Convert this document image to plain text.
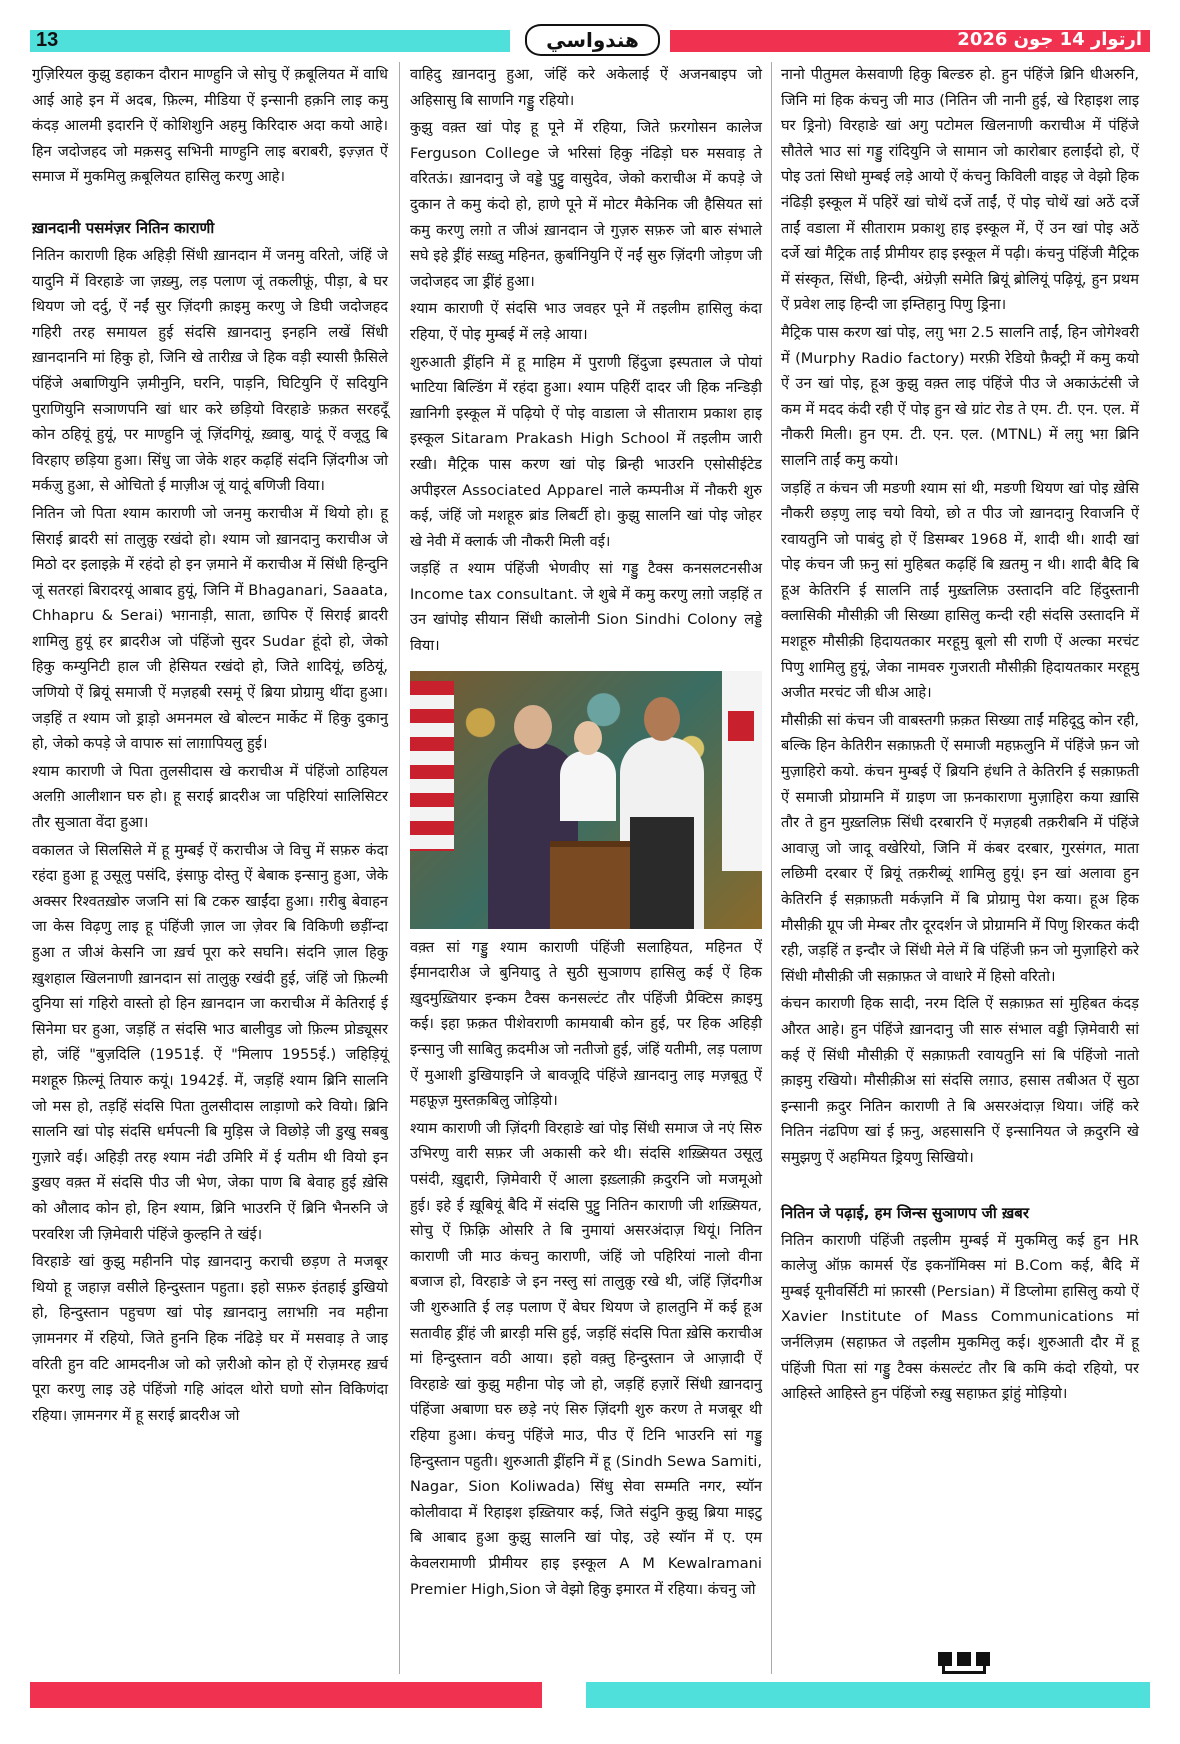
13	هندواسي	آرتوار 14 جون 2026

गुज़िरियल कुझु डहाकन दौरान माण्हुनि जे सोचु ऐं क़बूलियत में वाधि आई आहे इन में अदब, फ़िल्म, मीडिया ऐं इन्सानी हक़नि लाइ कमु कंदड़ आलमी इदारनि ऐं कोशिशुनि अहमु किरिदारु अदा कयो आहे। हिन जदोजहद जो मक़सदु सभिनी माण्हुनि लाइ बराबरी, इज़्ज़त ऐं समाज में मुकमिलु क़बूलियत हासिलु करणु आहे।

ख़ानदानी पसमंज़र नितिन काराणी

नितिन काराणी हिक अहिड़ी सिंधी ख़ानदान में जनमु वरितो, जंहिं जे यादुनि में विरहाङे जा ज़ख़्मु, लड़ पलाण जूं तकलीफ़ूं, पीड़ा, बे घर थियण जो दर्दु, ऐं नईं सुर ज़िंदगी क़ाइमु करणु जे डिघी जदोजहद गहिरी तरह समायल हुई संदसि ख़ानदानु इनहनि लखें सिंधी ख़ानदाननि मां हिकु हो, जिनि खे तारीख़ जे हिक वड़ी स्यासी फ़ैसिले पंहिंजे अबाणियुनि ज़मीनुनि, घरनि, पाड़नि, घिटियुनि ऐं सदियुनि पुराणियुनि सञाणपनि खां धार करे छड़ियो विरहाङे फ़क़त सरहदूँ कोन ठहियूं हुयूं, पर माण्हुनि जूं ज़िंदगियूं, ख़्वाबु, यादूं ऐं वजूदु बि विरहाए छड़िया हुआ। सिंधु जा जेके शहर कढ़हिं संदनि ज़िंदगीअ जो मर्कज़ु हुआ, से ओचितो ई माज़ीअ जूं यादूं बणिजी विया।

नितिन जो पिता श्याम काराणी जो जनमु कराचीअ में थियो हो। हू सिराई ब्रादरी सां तालुक़ु रखंदो हो। श्याम जो ख़ानदानु कराचीअ जे मिठो दर इलाइक़े में रहंदो हो इन ज़माने में कराचीअ में सिंधी हिन्दुनि जूं सतरहां बिरादरयूं आबाद हुयूं, जिनि में Bhaganari, Saaata, Chhapru & Serai) भग़नाड़ी, साता, छापिरु ऐं सिराई ब्रादरी शामिलु हुयूं हर ब्रादरीअ जो पंहिंजो सुदर Sudar हूंदो हो, जेको हिकु कम्युनिटी हाल जी हेसियत रखंदो हो, जिते शादियूं, छठियूं, जणियो ऐं ब्रियूं समाजी ऐं मज़हबी रसमूं ऐं ब्रिया प्रोग्रामु थींदा हुआ। जड़हिं त श्याम जो ड्राड़ो अमनमल खे बोल्टन मार्केट में हिकु दुकानु हो, जेको कपड़े जे वापारु सां लाग़ापियलु हुई।

श्याम काराणी जे पिता तुलसीदास खे कराचीअ में पंहिंजो ठाहियल अलग़ि आलीशान घरु हो। हू सराई ब्रादरीअ जा पहिरियां सालिसिटर तौर सुञाता वेंदा हुआ।

वकालत जे सिलसिले में हू मुम्बई ऐं कराचीअ जे विचु में सफ़रु कंदा रहंदा हुआ हू उसूलु पसंदि, इंसाफ़ु दोस्तु ऐं बेबाक इन्सानु हुआ, जेके अक्सर रिश्वतख़ोरु जजनि सां बि टकरु खाईंदा हुआ। ग़रीबु बेवाहन जा केस विढ़णु लाइ हू पंहिंजी ज़ाल जा ज़ेवर बि विकिणी छड़ींन्दा हुआ त जीअं केसनि जा ख़र्च पूरा करे सघनि। संदनि ज़ाल हिकु ख़ुशहाल खिलनाणी ख़ानदान सां तालुक़ु रखंदी हुई, जंहिं जो फ़िल्मी दुनिया सां गहिरो वास्तो हो हिन ख़ानदान जा कराचीअ में केतिराई ई सिनेमा घर हुआ, जड़हिं त संदसि भाउ बालीवुड जो फ़िल्म प्रोड्यूसर हो, जंहिं "बुज़दिलि (1951ई. ऐं "मिलाप 1955ई.) जहिड़ियूं मशहूरु फ़िल्मूं तियारु कयूं। 1942ई. में, जड़हिं श्याम ब्रिनि सालनि जो मस हो, तड़हिं संदसि पिता तुलसीदास लाड़ाणो करे वियो। ब्रिनि सालनि खां पोइ संदसि धर्मपत्नी बि मुड़िस जे विछोड़े जी डुखु सबबु गुज़ारे वई। अहिड़ी तरह श्याम नंढी उमिरि में ई यतीम थी वियो इन डुखए वक़्त में संदसि पीउ जी भेण, जेका पाण बि बेवाह हुई ख़ेसि को औलाद कोन हो, हिन श्याम, ब्रिनि भाउरनि ऐं ब्रिनि भैनरुनि जे परवरिश जी ज़िमेवारी पंहिंजे कुल्हनि ते खंई।

विरहाङे खां कुझु महीननि पोइ ख़ानदानु कराची छड़ण ते मजबूर थियो हू जहाज़ वसीले हिन्दुस्तान पहुता। इहो सफ़रु इंतहाई डुखियो हो, हिन्दुस्तान पहुचण खां पोइ ख़ानदानु लग़भग़ि नव महीना ज़ामनगर में रहियो, जिते हुननि हिक नंढिड़े घर में मसवाड़ ते जाइ वरिती हुन वटि आमदनीअ जो को ज़रीओ कोन हो ऐं रोज़मरह ख़र्च पूरा करणु लाइ उहे पंहिंजो गहि आंदल थोरो घणो सोन विकिणंदा रहिया। ज़ामनगर में हू सराई ब्रादरीअ जो

वाहिदु ख़ानदानु हुआ, जंहिं करे अकेलाई ऐं अजनबाइप जो अहिसासु बि साणनि गड्डु रहियो।

कुझु वक़्त खां पोइ हू पूने में रहिया, जिते फ़रगोसन कालेज Ferguson College जे भरिसां हिकु नंढिड़ो घरु मसवाड़ ते वरितऊं। ख़ानदानु जे वड्डे पुट्टु वासुदेव, जेको कराचीअ में कपड़े जे दुकान ते कमु कंदो हो, हाणे पूने में मोटर मैकेनिक जी हैसियत सां कमु करणु लग़ो त जीअं ख़ानदान जे गुज़रु सफ़रु जो बारु संभाले सघे इहे ड्रींहं सख़्तु महिनत, क़ुर्बानियुनि ऐं नईं सुरु ज़िंदगी जोड़ण जी जदोजहद जा ड्रींहं हुआ।

श्याम काराणी ऐं संदसि भाउ जवहर पूने में तइलीम हासिलु कंदा रहिया, ऐं पोइ मुम्बई में लड़े आया।

शुरुआती ड्रींहनि में हू माहिम में पुराणी हिंदुजा इस्पताल जे पोयां भाटिया बिल्डिंग में रहंदा हुआ। श्याम पहिरीं दादर जी हिक नन्डिड़ी ख़ानिगी इस्कूल में पढ़ियो ऐं पोइ वाडाला जे सीताराम प्रकाश हाइ इस्कूल Sitaram Prakash High School में तइलीम जारी रखी। मैट्रिक पास करण खां पोइ ब्रिन्ही भाउरनि एसोसीईटेड अपीइरल Associated Apparel नाले कम्पनीअ में नौकरी शुरु कई, जंहिं जो मशहूरु ब्रांड लिबर्टी हो। कुझु सालनि खां पोइ जोहर खे नेवी में क्लार्क जी नौकरी मिली वई।

जड़हिं त श्याम पंहिंजी भेणवीए सां गड्डु टैक्स कनसलटनसीअ Income tax consultant. जे शुबे में कमु करणु लग़ो जड़हिं त उन खांपोइ सीयान सिंधी कालोनी Sion Sindhi Colony लड्डे विया।

वक़्त सां गड्डु श्याम काराणी पंहिंजी सलाहियत, महिनत ऐं ईमानदारीअ जे बुनियादु ते सुठी सुञाणप हासिलु कई ऐं हिक ख़ुदमुख़्तियार इन्कम टैक्स कनसल्टंट तौर पंहिंजी प्रैक्टिस क़ाइमु कई। इहा फ़क़त पीशेवराणी कामयाबी कोन हुई, पर हिक अहिड़ी इन्सानु जी साबितु क़दमीअ जो नतीजो हुई, जंहिं यतीमी, लड़ पलाण ऐं मुआशी डुखियाइनि जे बावजूदि पंहिंजे ख़ानदानु लाइ मज़बूतु ऐं महफ़ूज़ मुस्तक़बिलु जोड़ियो।

श्याम काराणी जी ज़िंदगी विरहाङे खां पोइ सिंधी समाज जे नएं सिरु उभिरणु वारी सफ़र जी अकासी करे थी। संदसि शख़्सियत उसूलु पसंदी, ख़ुद्दारी, ज़िमेवारी ऐं आला इख़्लाक़ी क़दुरनि जो मजमूओ हुई। इहे ई ख़ूबियूं बैदि में संदसि पुट्टु नितिन काराणी जी शख़्सियत, सोचु ऐं फ़िक़्रि ओसरि ते बि नुमायां असरअंदाज़ थियूं। नितिन काराणी जी माउ कंचनु काराणी, जंहिं जो पहिरियां नालो वीना बजाज हो, विरहाङे जे इन नस्लु सां तालुक़ु रखे थी, जंहिं ज़िंदगीअ जी शुरुआति ई लड़ पलाण ऐं बेघर थियण जे हालतुनि में कई हूअ सतावीह ड्रींहं जी ब्रारड़ी मसि हुई, जड़हिं संदसि पिता ख़ेसि कराचीअ मां हिन्दुस्तान वठी आया। इहो वक़्तु हिन्दुस्तान जे आज़ादी ऐं विरहाङे खां कुझु महीना पोइ जो हो, जड़हिं हज़ारें सिंधी ख़ानदानु पंहिंजा अबाणा घरु छड़े नएं सिरु ज़िंदगी शुरु करण ते मजबूर थी रहिया हुआ। कंचनु पंहिंजे माउ, पीउ ऐं टिनि भाउरनि सां गड्डु हिन्दुस्तान पहुती। शुरुआती ड्रींहनि में हू (Sindh Sewa Samiti, Nagar, Sion Koliwada) सिंधु सेवा सम्मति नगर, स्यॉन कोलीवादा में रिहाइश इख़्तियार कई, जिते संदुनि कुझु ब्रिया माइटु बि आबाद हुआ कुझु सालनि खां पोइ, उहे स्यॉन में ए. एम केवलरामाणी प्रीमीयर हाइ इस्कूल A M Kewalramani Premier High,Sion जे वेझो हिकु इमारत में रहिया। कंचनु जो

नानो पीतुमल केसवाणी हिकु बिल्डरु हो. हुन पंहिंजे ब्रिनि धीअरुनि, जिनि मां हिक कंचनु जी माउ (नितिन जी नानी हुई, खे रिहाइश लाइ घर ड्रिनो) विरहाङे खां अगु पटोमल खिलनाणी कराचीअ में पंहिंजे सौतेले भाउ सां गड्डु रांदियुनि जे सामान जो कारोबार हलाईंदो हो, ऐं पोइ उतां सिधो मुम्बई लड़े आयो ऐं कंचनु किविली वाइह जे वेझो हिक नंढिड़ी इस्कूल में पहिरें खां चोथें दर्जे ताईं, ऐं पोइ चोथें खां अठें दर्जे ताईं वडाला में सीताराम प्रकाशु हाइ इस्कूल में, ऐं उन खां पोइ अठें दर्जे खां मैट्रिक ताईं प्रीमीयर हाइ इस्कूल में पढ़ी। कंचनु पंहिंजी मैट्रिक में संस्कृत, सिंधी, हिन्दी, अंग्रेज़ी समेति ब्रियूं ब्रोलियूं पढ़ियूं, हुन प्रथम ऐं प्रवेश लाइ हिन्दी जा इम्तिहानु पिणु ड्रिना।

मैट्रिक पास करण खां पोइ, लग़ु भग़ 2.5 सालनि ताईं, हिन जोगेश्वरी में (Murphy Radio factory) मरफ़ी रेडियो फ़ैक्ट्री में कमु कयो ऐं उन खां पोइ, हूअ कुझु वक़्त लाइ पंहिंजे पीउ जे अकाऊंटंसी जे कम में मदद कंदी रही ऐं पोइ हुन खे ग्रांट रोड ते एम. टी. एन. एल. में नौकरी मिली। हुन एम. टी. एन. एल. (MTNL) में लग़ु भग़ ब्रिनि सालनि ताईं कमु कयो।

जड़हिं त कंचन जी मङणी श्याम सां थी, मङणी थियण खां पोइ ख़ेसि नौकरी छड़णु लाइ चयो वियो, छो त पीउ जो ख़ानदानु रिवाजनि ऐं रवायतुनि जो पाबंदु हो ऐं डिसम्बर 1968 में, शादी थी। शादी खां पोइ कंचन जी फ़नु सां मुहिबत कढ़हिं बि ख़तमु न थी। शादी बैदि बि हूअ केतिरनि ई सालनि ताईं मुख़्तलिफ़ उस्तादनि वटि हिंदुस्तानी क्लासिकी मौसीक़ी जी सिख्या हासिलु कन्दी रही संदसि उस्तादनि में मशहूरु मौसीक़ी हिदायतकार मरहूमु बूलो सी राणी ऐं अल्का मरचंट पिणु शामिलु हुयूं, जेका नामवरु गुजराती मौसीक़ी हिदायतकार मरहूमु अजीत मरचंट जी धीअ आहे।

मौसीक़ी सां कंचन जी वाबस्तगी फ़क़त सिख्या ताईं महिदूदु कोन रही, बल्कि हिन केतिरीन सक़ाफ़ती ऐं समाजी महफ़लुनि में पंहिंजे फ़न जो मुज़ाहिरो कयो. कंचन मुम्बई ऐं ब्रियनि हंधनि ते केतिरनि ई सक़ाफ़ती ऐं समाजी प्रोग्रामनि में ग्राइण जा फ़नकाराणा मुज़ाहिरा कया ख़ासि तौर ते हुन मुख़्तलिफ़ सिंधी दरबारनि ऐं मज़हबी तक़रीबनि में पंहिंजे आवाज़ु जो जादू वखेरियो, जिनि में कंबर दरबार, गुरसंगत, माता लछिमी दरबार ऐं ब्रियूं तक़रीब्यूं शामिलु हुयूं। इन खां अलावा हुन केतिरनि ई सक़ाफ़ती मर्कज़नि में बि प्रोग्रामु पेश कया। हूअ हिक मौसीक़ी ग्रूप जी मेम्बर तौर दूरदर्शन जे प्रोग्रामनि में पिणु शिरकत कंदी रही, जड़हिं त इन्दौर जे सिंधी मेले में बि पंहिंजी फ़न जो मुज़ाहिरो करे सिंधी मौसीक़ी जी सक़ाफ़त जे वाधारे में हिसो वरितो।

कंचन काराणी हिक सादी, नरम दिलि ऐं सक़ाफ़त सां मुहिबत कंदड़ औरत आहे। हुन पंहिंजे ख़ानदानु जी सारु संभाल वड्डी ज़िमेवारी सां कई ऐं सिंधी मौसीक़ी ऐं सक़ाफ़ती रवायतुनि सां बि पंहिंजो नातो क़ाइमु रखियो। मौसीक़ीअ सां संदसि लग़ाउ, हसास तबीअत ऐं सुठा इन्सानी क़दुर नितिन काराणी ते बि असरअंदाज़ थिया। जंहिं करे नितिन नंढपिण खां ई फ़नु, अहसासनि ऐं इन्सानियत जे क़दुरनि खे समुझणु ऐं अहमियत ड्रियणु सिखियो।

नितिन जे पढ़ाई, हम जिन्स सुञाणप जी ख़बर

नितिन काराणी पंहिंजी तइलीम मुम्बई में मुकमिलु कई हुन HR कालेजु ऑफ़ कामर्स ऐंड इकनॉमिक्स मां B.Com कई, बैदि में मुम्बई यूनीवर्सिटी मां फ़ारसी (Persian) में डिप्लोमा हासिलु कयो ऐं Xavier Institute of Mass Communications मां जर्नलिज़म (सहाफ़त जे तइलीम मुकमिलु कई। शुरुआती दौर में हू पंहिंजी पिता सां गड्डु टैक्स कंसल्टंट तौर बि कमि कंदो रहियो, पर आहिस्ते आहिस्ते हुन पंहिंजो रुख़ु सहाफ़त ड्रांहुं मोड़ियो।
